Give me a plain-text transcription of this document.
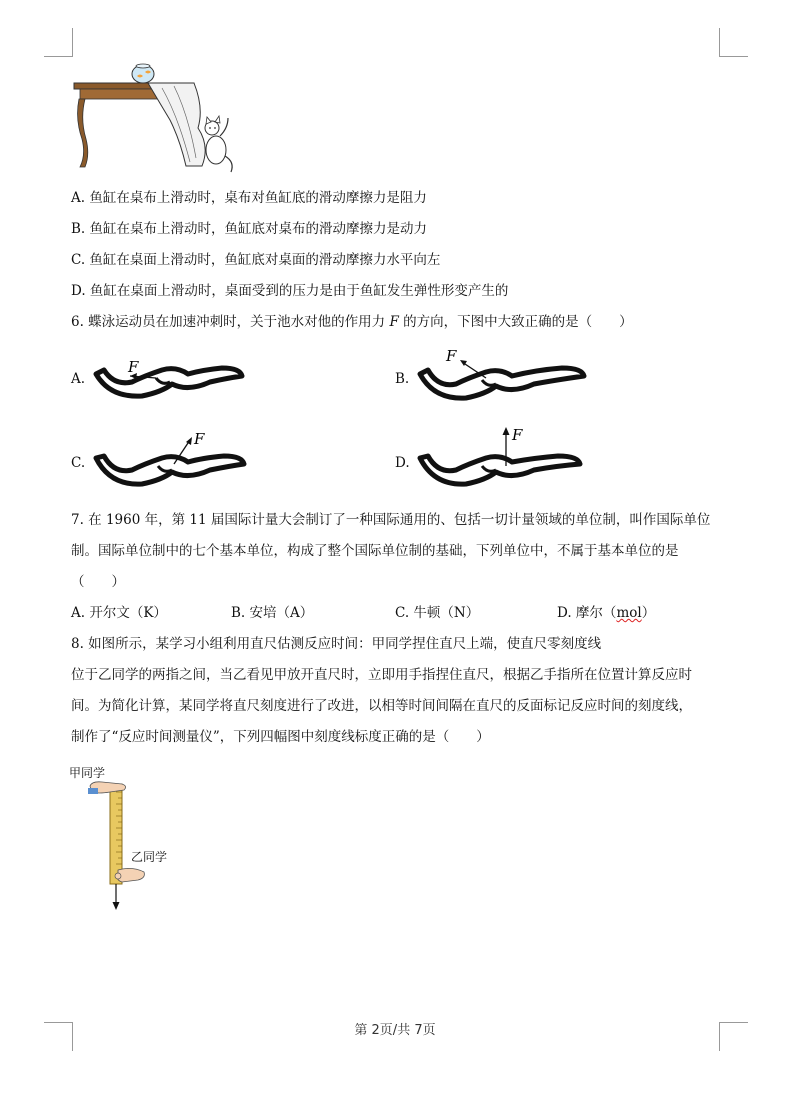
A. 鱼缸在桌布上滑动时，桌布对鱼缸底的滑动摩擦力是阻力
B. 鱼缸在桌布上滑动时，鱼缸底对桌布的滑动摩擦力是动力
C. 鱼缸在桌面上滑动时，鱼缸底对桌面的滑动摩擦力水平向左
D. 鱼缸在桌面上滑动时，桌面受到的压力是由于鱼缸发生弹性形变产生的
6. 蝶泳运动员在加速冲刺时，关于池水对他的作用力 F 的方向，下图中大致正确的是（　　）
A.	B.
C.	D.
F
F
F	F
7. 在 1960 年，第 11 届国际计量大会制订了一种国际通用的、包括一切计量领域的单位制，叫作国际单位
制。国际单位制中的七个基本单位，构成了整个国际单位制的基础，下列单位中，不属于基本单位的是
（　　）
A. 开尔文（K）	B. 安培（A）	C. 牛顿（N）	D. 摩尔（mol）
8. 如图所示，某学习小组利用直尺估测反应时间：甲同学捏住直尺上端，使直尺零刻度线
位于乙同学的两指之间，当乙看见甲放开直尺时，立即用手指捏住直尺，根据乙手指所在位置计算反应时
间。为简化计算，某同学将直尺刻度进行了改进，以相等时间间隔在直尺的反面标记反应时间的刻度线，
制作了“反应时间测量仪”，下列四幅图中刻度线标度正确的是（　　）
甲同学
乙同学
第 2页/共 7页
